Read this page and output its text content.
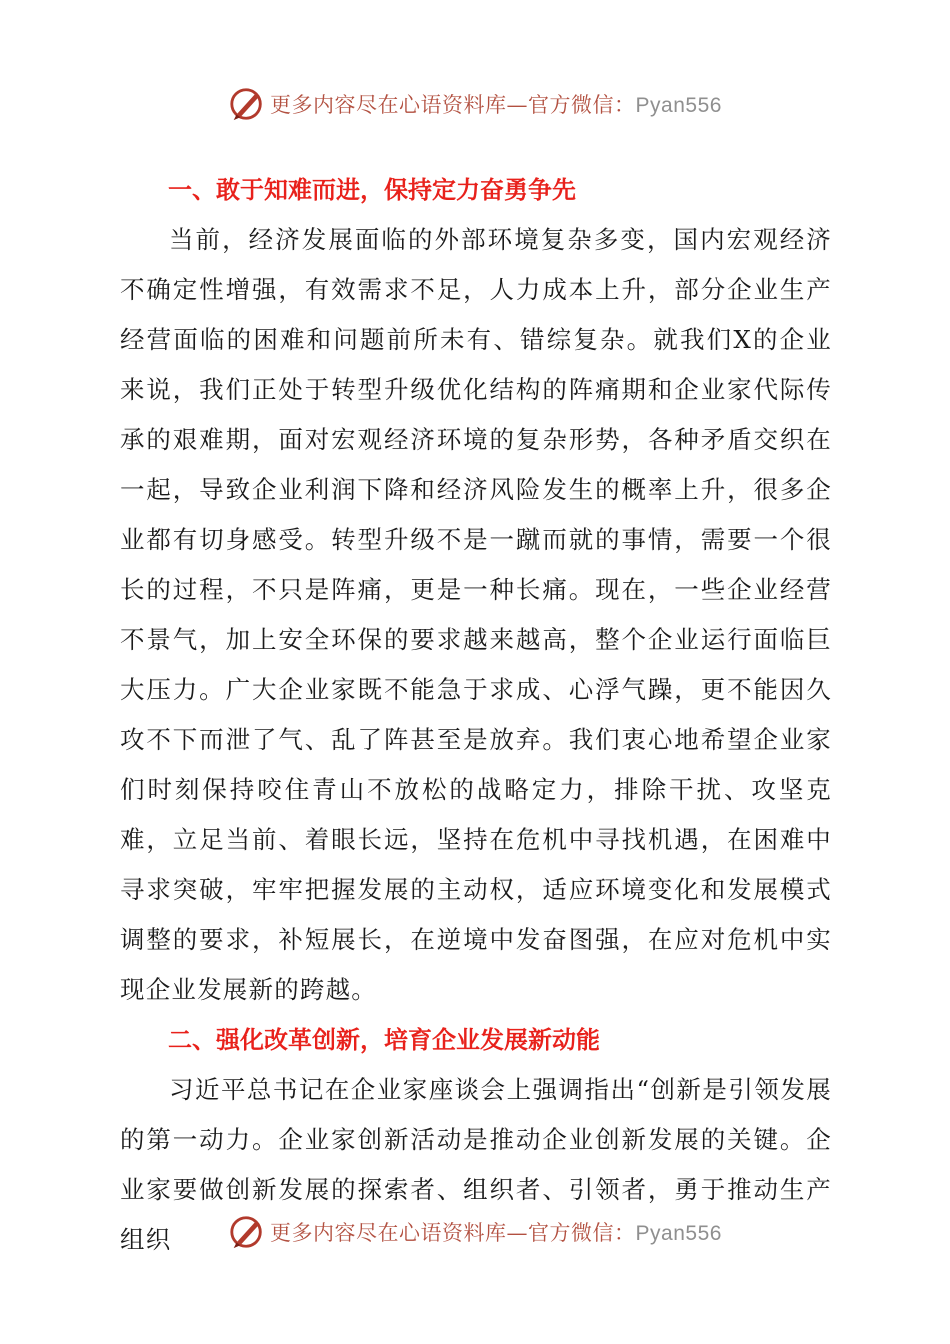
更多内容尽在心语资料库—官方微信：Pyan556
一、敢于知难而进，保持定力奋勇争先

当前，经济发展面临的外部环境复杂多变，国内宏观经济不确定性增强，有效需求不足，人力成本上升，部分企业生产经营面临的困难和问题前所未有、错综复杂。就我们X的企业来说，我们正处于转型升级优化结构的阵痛期和企业家代际传承的艰难期，面对宏观经济环境的复杂形势，各种矛盾交织在一起，导致企业利润下降和经济风险发生的概率上升，很多企业都有切身感受。转型升级不是一蹴而就的事情，需要一个很长的过程，不只是阵痛，更是一种长痛。现在，一些企业经营不景气，加上安全环保的要求越来越高，整个企业运行面临巨大压力。广大企业家既不能急于求成、心浮气躁，更不能因久攻不下而泄了气、乱了阵甚至是放弃。我们衷心地希望企业家们时刻保持咬住青山不放松的战略定力，排除干扰、攻坚克难，立足当前、着眼长远，坚持在危机中寻找机遇，在困难中寻求突破，牢牢把握发展的主动权，适应环境变化和发展模式调整的要求，补短展长，在逆境中发奋图强，在应对危机中实现企业发展新的跨越。

二、强化改革创新，培育企业发展新动能

习近平总书记在企业家座谈会上强调指出“创新是引领发展的第一动力。企业家创新活动是推动企业创新发展的关键。企业家要做创新发展的探索者、组织者、引领者，勇于推动生产组织	更多内容尽在心语资料库—官方微信：Pyan556
